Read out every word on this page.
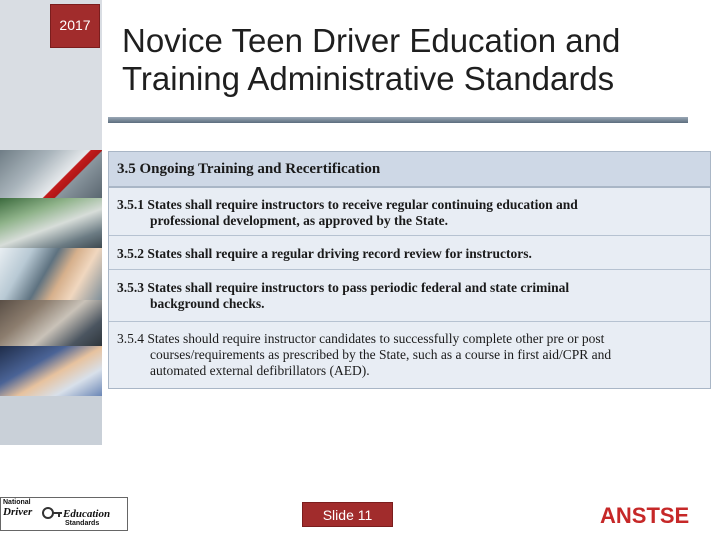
2017 Novice Teen Driver Education and
Training Administrative Standards
3.5 Ongoing Training and Recertification
3.5.1 States shall require instructors to receive regular continuing education and
professional development, as approved by the State.
3.5.2 States shall require a regular driving record review for instructors.
3.5.3 States shall require instructors to pass periodic federal and state criminal
background checks.
3.5.4 States should require instructor candidates to successfully complete other pre or post
courses/requirements as prescribed by the State, such as a course in first aid/CPR and
automated external defibrillators (AED).
National
Driver	Education
Standards
Slide 11	ANSTSE
